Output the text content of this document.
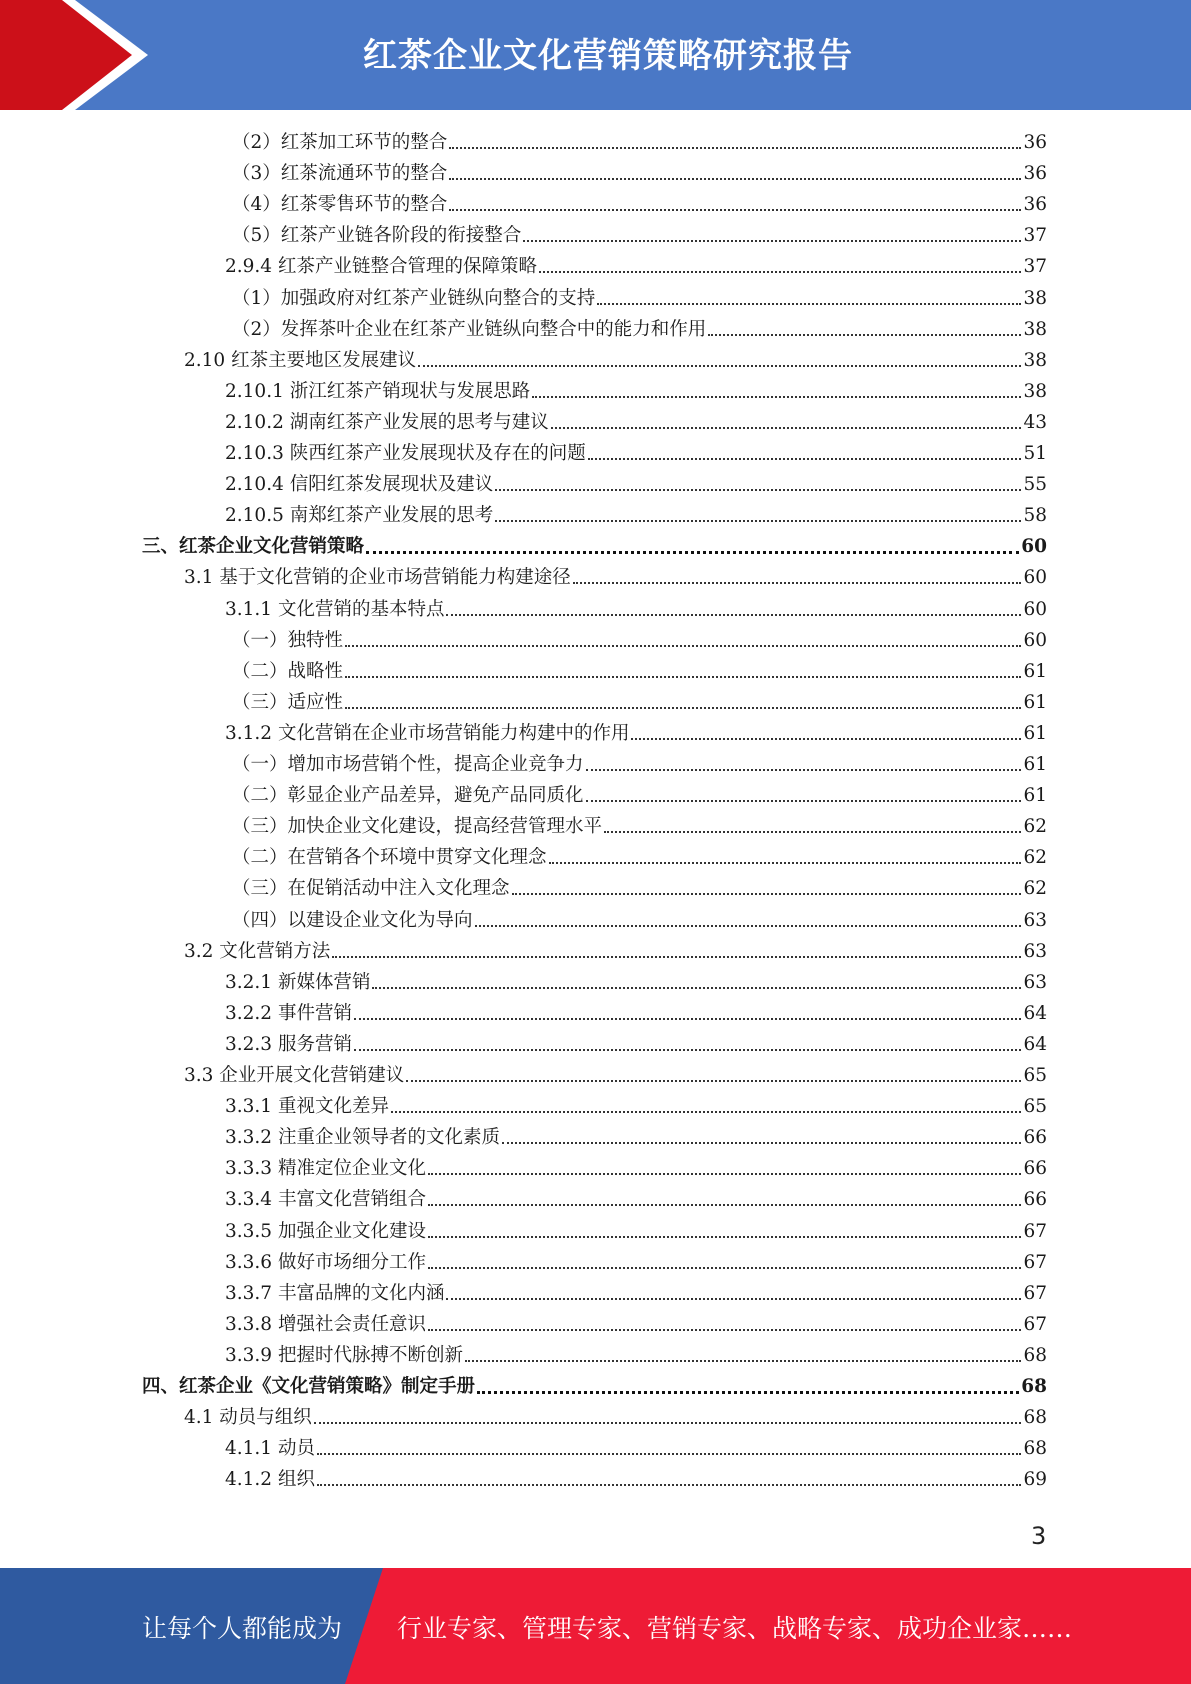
红茶企业文化营销策略研究报告
（2）红茶加工环节的整合	36
（3）红茶流通环节的整合	36
（4）红茶零售环节的整合	36
（5）红茶产业链各阶段的衔接整合	37
2.9.4 红茶产业链整合管理的保障策略	37
（1）加强政府对红茶产业链纵向整合的支持	38
（2）发挥茶叶企业在红茶产业链纵向整合中的能力和作用	38
2.10 红茶主要地区发展建议	38
2.10.1 浙江红茶产销现状与发展思路	38
2.10.2 湖南红茶产业发展的思考与建议	43
2.10.3 陕西红茶产业发展现状及存在的问题	51
2.10.4 信阳红茶发展现状及建议	55
2.10.5 南郑红茶产业发展的思考	58
三、红茶企业文化营销策略	60
3.1 基于文化营销的企业市场营销能力构建途径	60
3.1.1 文化营销的基本特点	60
（一）独特性	60
（二）战略性	61
（三）适应性	61
3.1.2 文化营销在企业市场营销能力构建中的作用	61
（一）增加市场营销个性，提高企业竞争力	61
（二）彰显企业产品差异，避免产品同质化	61
（三）加快企业文化建设，提高经营管理水平	62
（二）在营销各个环境中贯穿文化理念	62
（三）在促销活动中注入文化理念	62
（四）以建设企业文化为导向	63
3.2 文化营销方法	63
3.2.1 新媒体营销	63
3.2.2 事件营销	64
3.2.3 服务营销	64
3.3 企业开展文化营销建议	65
3.3.1 重视文化差异	65
3.3.2 注重企业领导者的文化素质	66
3.3.3 精准定位企业文化	66
3.3.4 丰富文化营销组合	66
3.3.5 加强企业文化建设	67
3.3.6 做好市场细分工作	67
3.3.7 丰富品牌的文化内涵	67
3.3.8 增强社会责任意识	67
3.3.9 把握时代脉搏不断创新	68
四、红茶企业《文化营销策略》制定手册	68
4.1 动员与组织	68
4.1.1 动员	68
4.1.2 组织	69
3
让每个人都能成为 行业专家、管理专家、营销专家、战略专家、成功企业家……
